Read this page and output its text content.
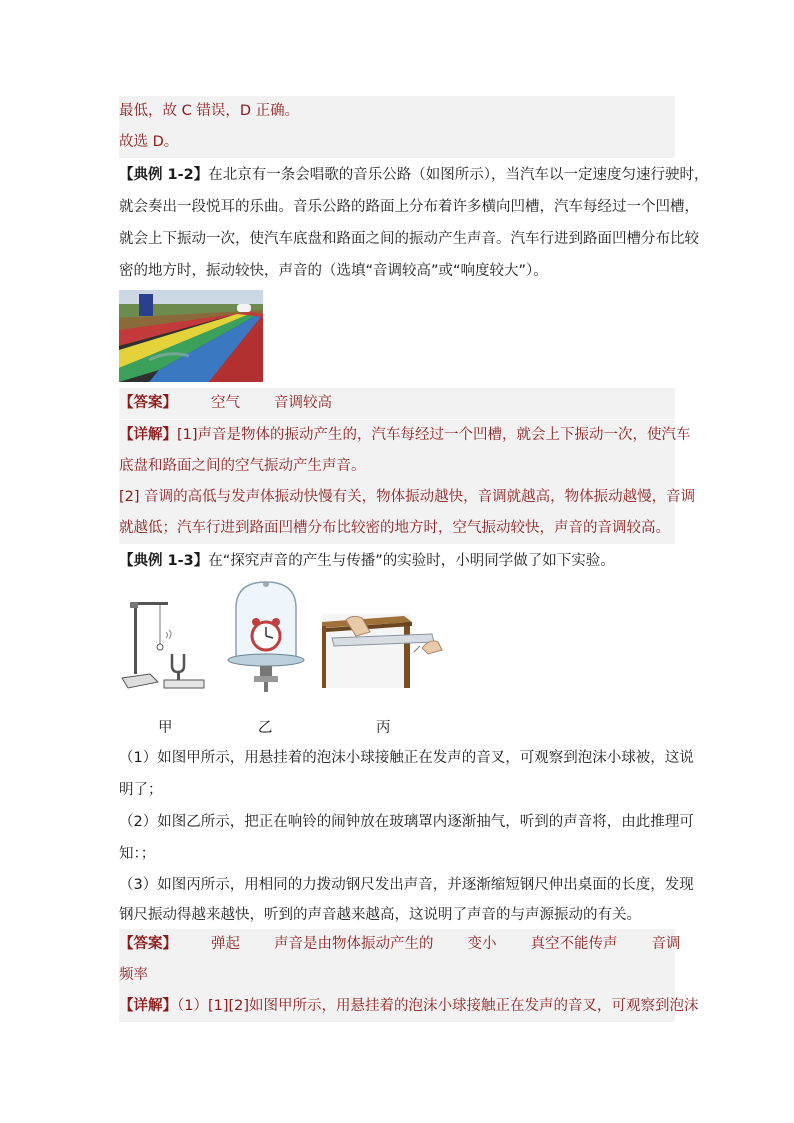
最低，故 C 错误，D 正确。
故选 D。
【典例 1-2】在北京有一条会唱歌的音乐公路（如图所示），当汽车以一定速度匀速行驶时，
就会奏出一段悦耳的乐曲。音乐公路的路面上分布着许多横向凹槽，汽车每经过一个凹槽，
就会上下振动一次，使汽车底盘和路面之间的振动产生声音。汽车行进到路面凹槽分布比较
密的地方时，振动较快，声音的（选填“音调较高”或“响度较大”）。
【答案】 空气 音调较高
【详解】[1]声音是物体的振动产生的，汽车每经过一个凹槽，就会上下振动一次，使汽车
底盘和路面之间的空气振动产生声音。
[2] 音调的高低与发声体振动快慢有关，物体振动越快，音调就越高，物体振动越慢，音调
就越低；汽车行进到路面凹槽分布比较密的地方时，空气振动较快，声音的音调较高。
【典例 1-3】在“探究声音的产生与传播”的实验时，小明同学做了如下实验。
甲	乙	丙
（1）如图甲所示，用悬挂着的泡沫小球接触正在发声的音叉，可观察到泡沫小球被，这说
明了；
（2）如图乙所示，把正在响铃的闹钟放在玻璃罩内逐渐抽气，听到的声音将，由此推理可
知：；
（3）如图丙所示，用相同的力拨动钢尺发出声音，并逐渐缩短钢尺伸出桌面的长度，发现
钢尺振动得越来越快，听到的声音越来越高，这说明了声音的与声源振动的有关。
【答案】 弹起 声音是由物体振动产生的 变小 真空不能传声 音调
频率
【详解】（1）[1][2]如图甲所示，用悬挂着的泡沫小球接触正在发声的音叉，可观察到泡沫
